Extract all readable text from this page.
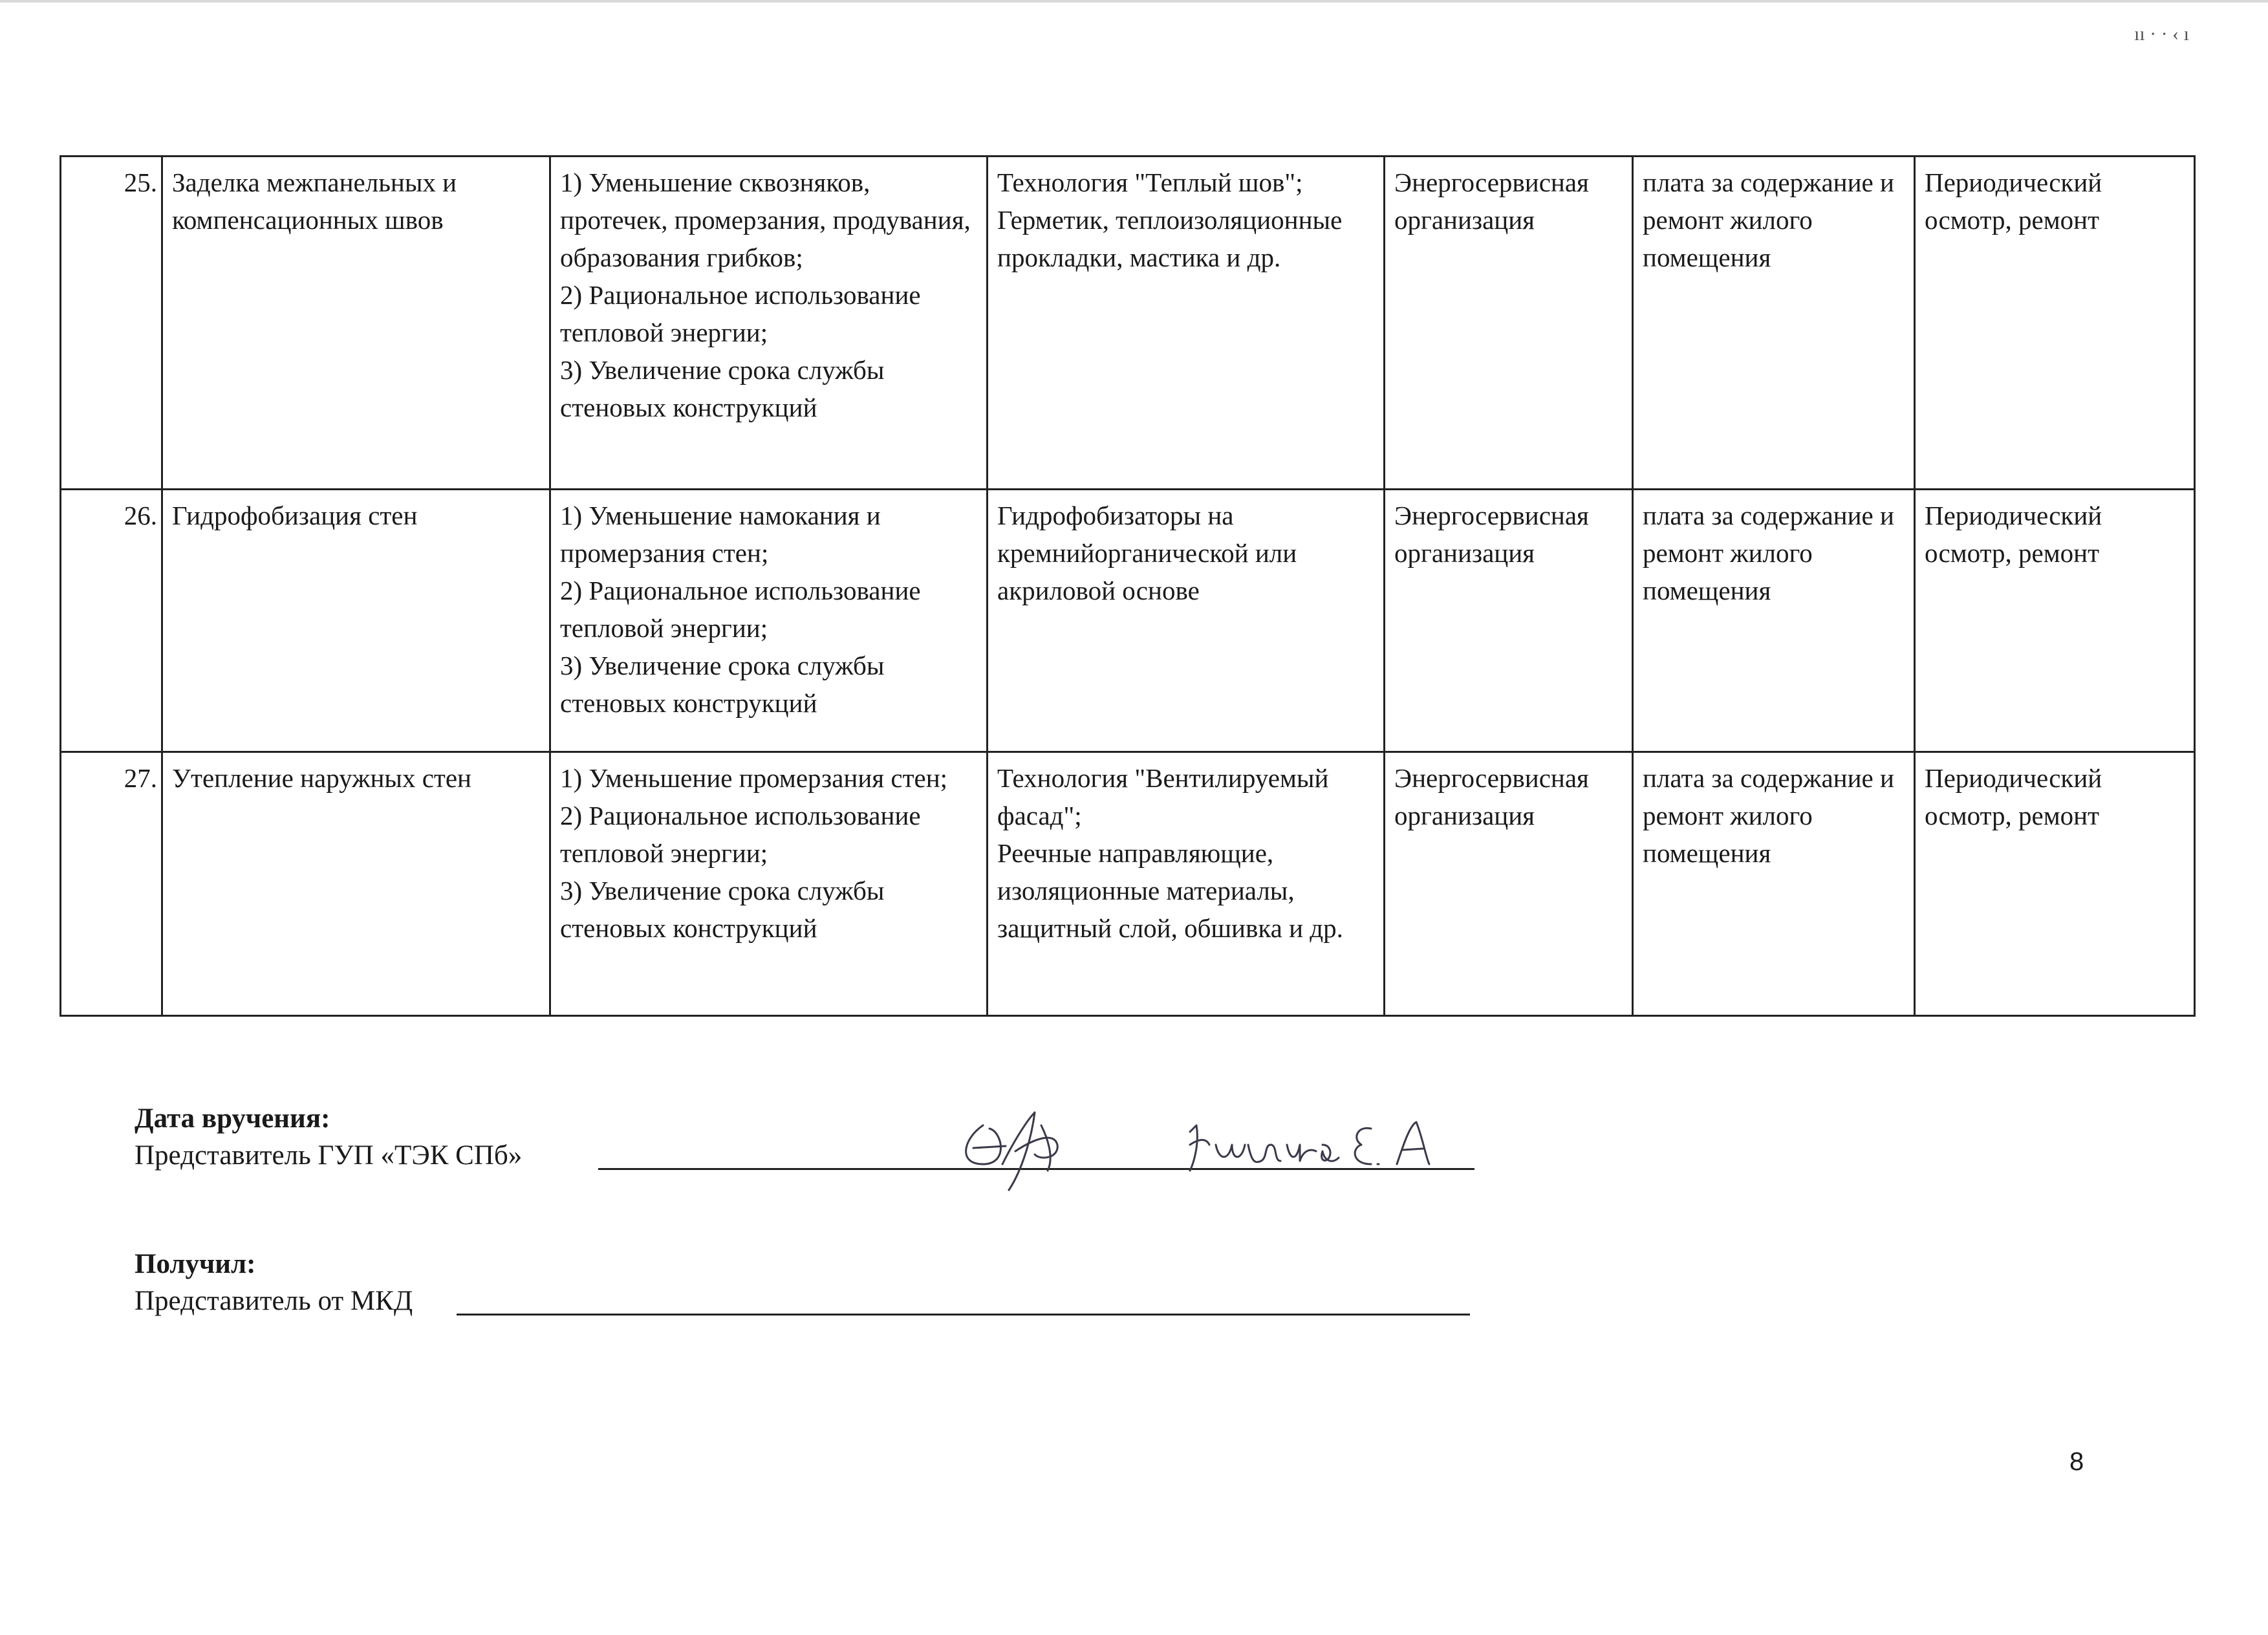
ıı · · ‹ ı
25.	Заделка межпанельных и компенсационных швов	1) Уменьшение сквозняков, протечек, промерзания, продувания, образования грибков;
2) Рациональное использование тепловой энергии;
3) Увеличение срока службы стеновых конструкций	Технология "Теплый шов";
Герметик, теплоизоляционные прокладки, мастика и др.	Энергосервисная организация	плата за содержание и ремонт жилого помещения	Периодический осмотр, ремонт
26.	Гидрофобизация стен	1) Уменьшение намокания и промерзания стен;
2) Рациональное использование тепловой энергии;
3) Увеличение срока службы стеновых конструкций	Гидрофобизаторы на кремнийорганической или акриловой основе	Энергосервисная организация	плата за содержание и ремонт жилого помещения	Периодический осмотр, ремонт
27.	Утепление наружных стен	1) Уменьшение промерзания стен;
2) Рациональное использование тепловой энергии;
3) Увеличение срока службы стеновых конструкций	Технология "Вентилируемый фасад";
Реечные направляющие, изоляционные материалы, защитный слой, обшивка и др.	Энергосервисная организация	плата за содержание и ремонт жилого помещения	Периодический осмотр, ремонт
Дата вручения:
Представитель ГУП «ТЭК СПб»
Получил:
Представитель от МКД
8
